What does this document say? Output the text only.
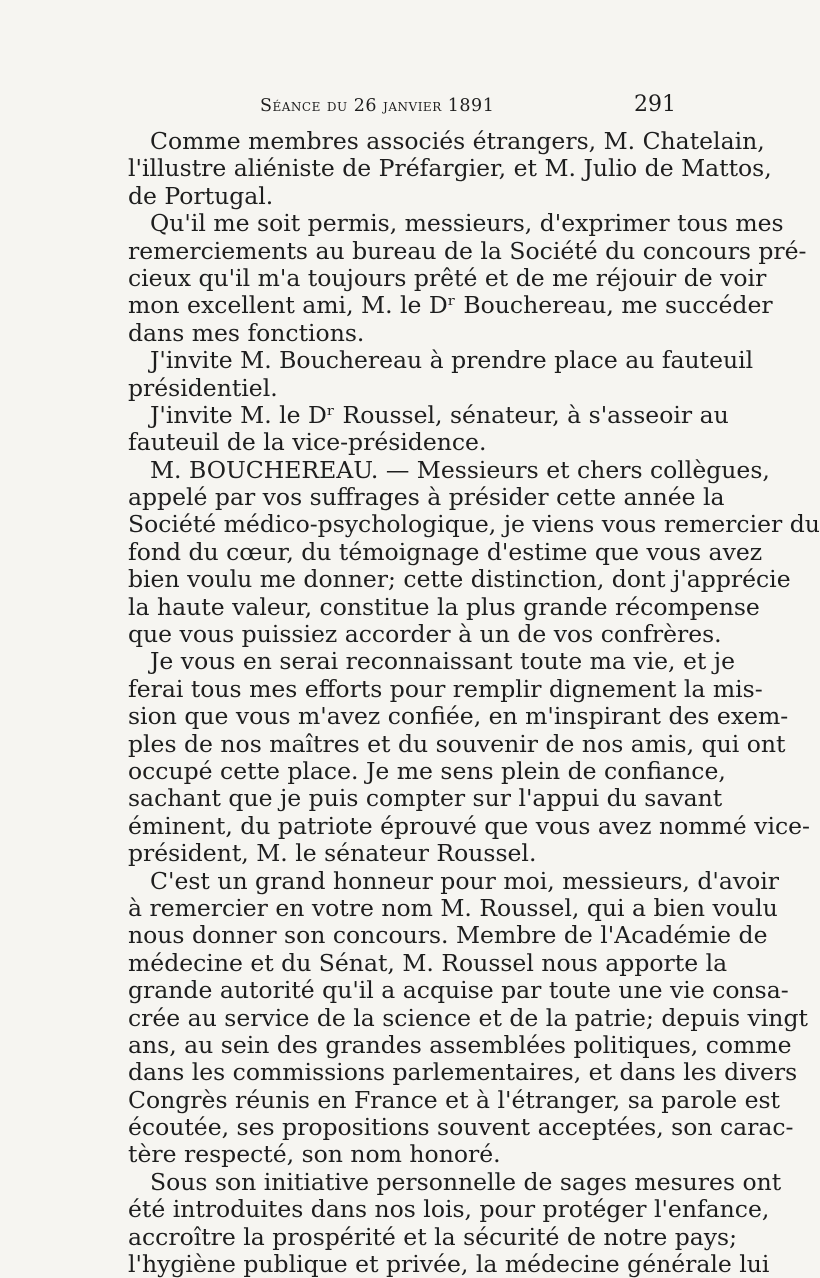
Séance du 26 janvier 1891	291
Comme membres associés étrangers, M. Chatelain,
l'illustre aliéniste de Préfargier, et M. Julio de Mattos,
de Portugal.
Qu'il me soit permis, messieurs, d'exprimer tous mes
remerciements au bureau de la Société du concours pré-
cieux qu'il m'a toujours prêté et de me réjouir de voir
mon excellent ami, M. le Dʳ Bouchereau, me succéder
dans mes fonctions.
J'invite M. Bouchereau à prendre place au fauteuil
présidentiel.
J'invite M. le Dʳ Roussel, sénateur, à s'asseoir au
fauteuil de la vice-présidence.
M. BOUCHEREAU. — Messieurs et chers collègues,
appelé par vos suffrages à présider cette année la
Société médico-psychologique, je viens vous remercier du
fond du cœur, du témoignage d'estime que vous avez
bien voulu me donner; cette distinction, dont j'apprécie
la haute valeur, constitue la plus grande récompense
que vous puissiez accorder à un de vos confrères.
Je vous en serai reconnaissant toute ma vie, et je
ferai tous mes efforts pour remplir dignement la mis-
sion que vous m'avez confiée, en m'inspirant des exem-
ples de nos maîtres et du souvenir de nos amis, qui ont
occupé cette place. Je me sens plein de confiance,
sachant que je puis compter sur l'appui du savant
éminent, du patriote éprouvé que vous avez nommé vice-
président, M. le sénateur Roussel.
C'est un grand honneur pour moi, messieurs, d'avoir
à remercier en votre nom M. Roussel, qui a bien voulu
nous donner son concours. Membre de l'Académie de
médecine et du Sénat, M. Roussel nous apporte la
grande autorité qu'il a acquise par toute une vie consa-
crée au service de la science et de la patrie; depuis vingt
ans, au sein des grandes assemblées politiques, comme
dans les commissions parlementaires, et dans les divers
Congrès réunis en France et à l'étranger, sa parole est
écoutée, ses propositions souvent acceptées, son carac-
tère respecté, son nom honoré.
Sous son initiative personnelle de sages mesures ont
été introduites dans nos lois, pour protéger l'enfance,
accroître la prospérité et la sécurité de notre pays;
l'hygiène publique et privée, la médecine générale lui
